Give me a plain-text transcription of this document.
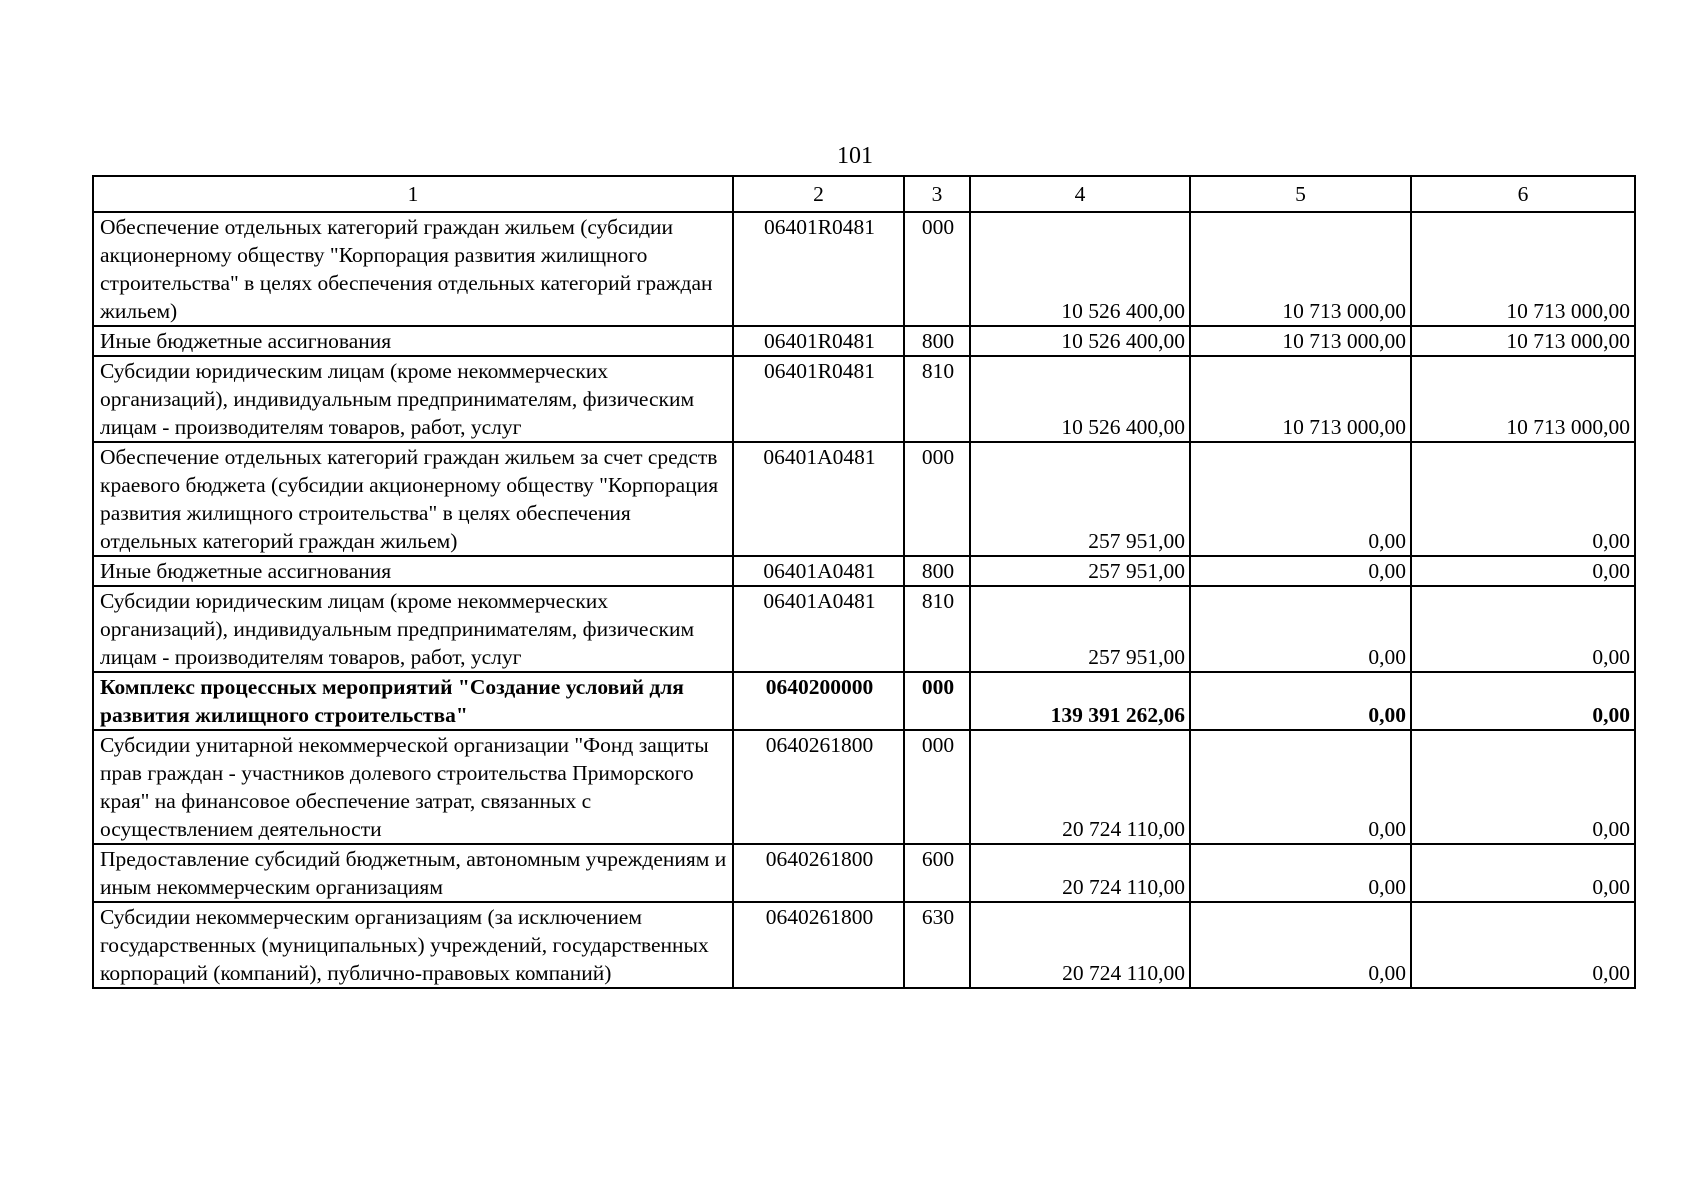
101
1	2	3	4	5	6
Обеспечение отдельных категорий граждан жильем (субсидии акционерному обществу "Корпорация развития жилищного строительства" в целях обеспечения отдельных категорий граждан жильем)	06401R0481	000	10 526 400,00	10 713 000,00	10 713 000,00
Иные бюджетные ассигнования	06401R0481	800	10 526 400,00	10 713 000,00	10 713 000,00
Субсидии юридическим лицам (кроме некоммерческих организаций), индивидуальным предпринимателям, физическим лицам - производителям товаров, работ, услуг	06401R0481	810	10 526 400,00	10 713 000,00	10 713 000,00
Обеспечение отдельных категорий граждан жильем за счет средств краевого бюджета (субсидии акционерному обществу "Корпорация развития жилищного строительства" в целях обеспечения отдельных категорий граждан жильем)	06401A0481	000	257 951,00	0,00	0,00
Иные бюджетные ассигнования	06401A0481	800	257 951,00	0,00	0,00
Субсидии юридическим лицам (кроме некоммерческих организаций), индивидуальным предпринимателям, физическим лицам - производителям товаров, работ, услуг	06401A0481	810	257 951,00	0,00	0,00
Комплекс процессных мероприятий "Создание условий для развития жилищного строительства"	0640200000	000	139 391 262,06	0,00	0,00
Субсидии унитарной некоммерческой организации "Фонд защиты прав граждан - участников долевого строительства Приморского края" на финансовое обеспечение затрат, связанных с осуществлением деятельности	0640261800	000	20 724 110,00	0,00	0,00
Предоставление субсидий бюджетным, автономным учреждениям и иным некоммерческим организациям	0640261800	600	20 724 110,00	0,00	0,00
Субсидии некоммерческим организациям (за исключением государственных (муниципальных) учреждений, государственных корпораций (компаний), публично-правовых компаний)	0640261800	630	20 724 110,00	0,00	0,00
